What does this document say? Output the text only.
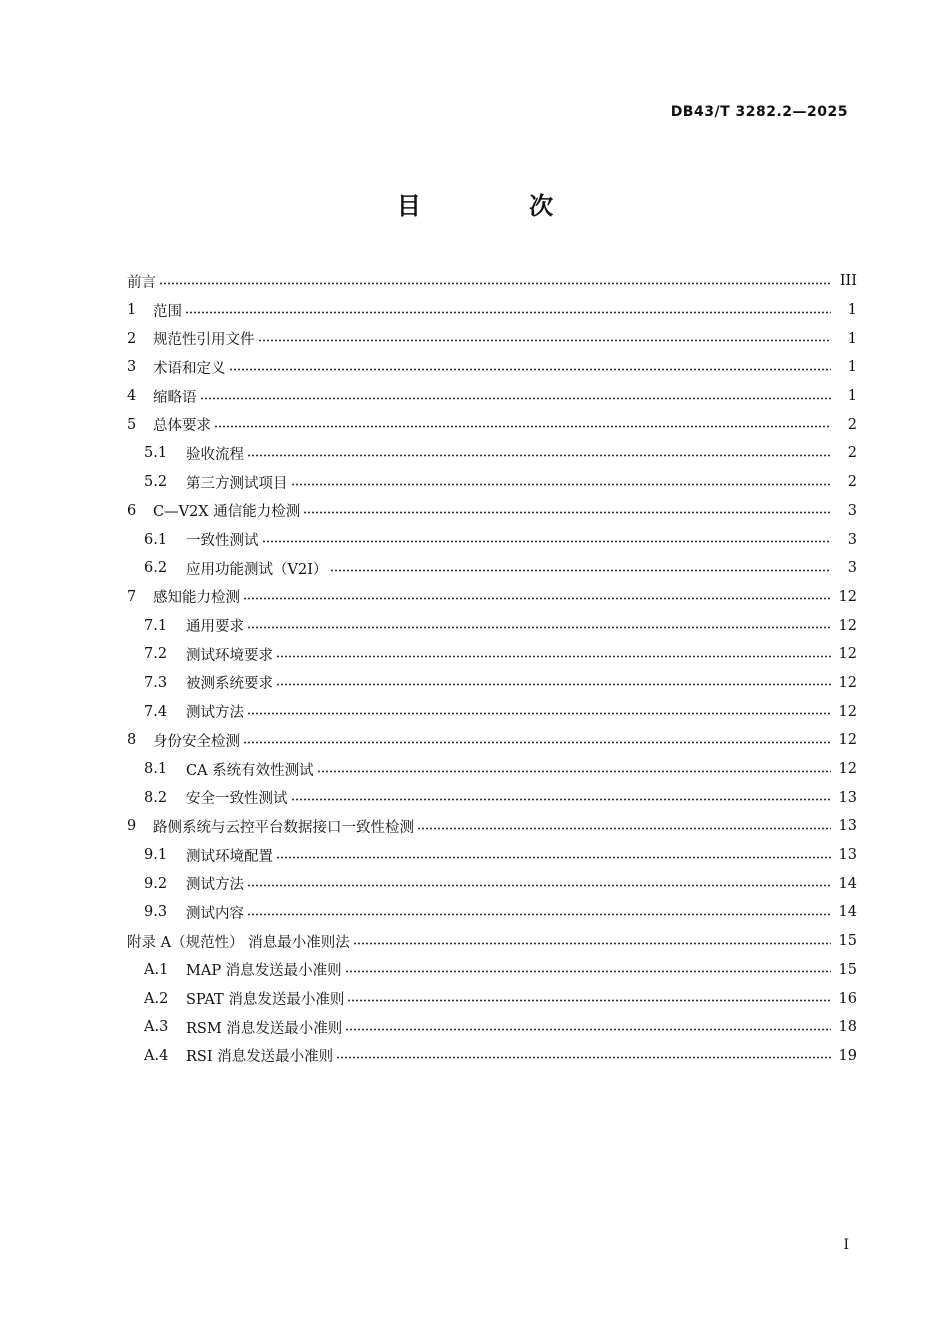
DB43/T 3282.2—2025
目 次
前言	III
1	范围	1
2	规范性引用文件	1
3	术语和定义	1
4	缩略语	1
5	总体要求	2
5.1	验收流程	2
5.2	第三方测试项目	2
6	C—V2X 通信能力检测	3
6.1	一致性测试	3
6.2	应用功能测试（V2I）	3
7	感知能力检测	12
7.1	通用要求	12
7.2	测试环境要求	12
7.3	被测系统要求	12
7.4	测试方法	12
8	身份安全检测	12
8.1	CA 系统有效性测试	12
8.2	安全一致性测试	13
9	路侧系统与云控平台数据接口一致性检测	13
9.1	测试环境配置	13
9.2	测试方法	14
9.3	测试内容	14
附录 A（规范性） 消息最小准则法	15
A.1	MAP 消息发送最小准则	15
A.2	SPAT 消息发送最小准则	16
A.3	RSM 消息发送最小准则	18
A.4	RSI 消息发送最小准则	19
I
